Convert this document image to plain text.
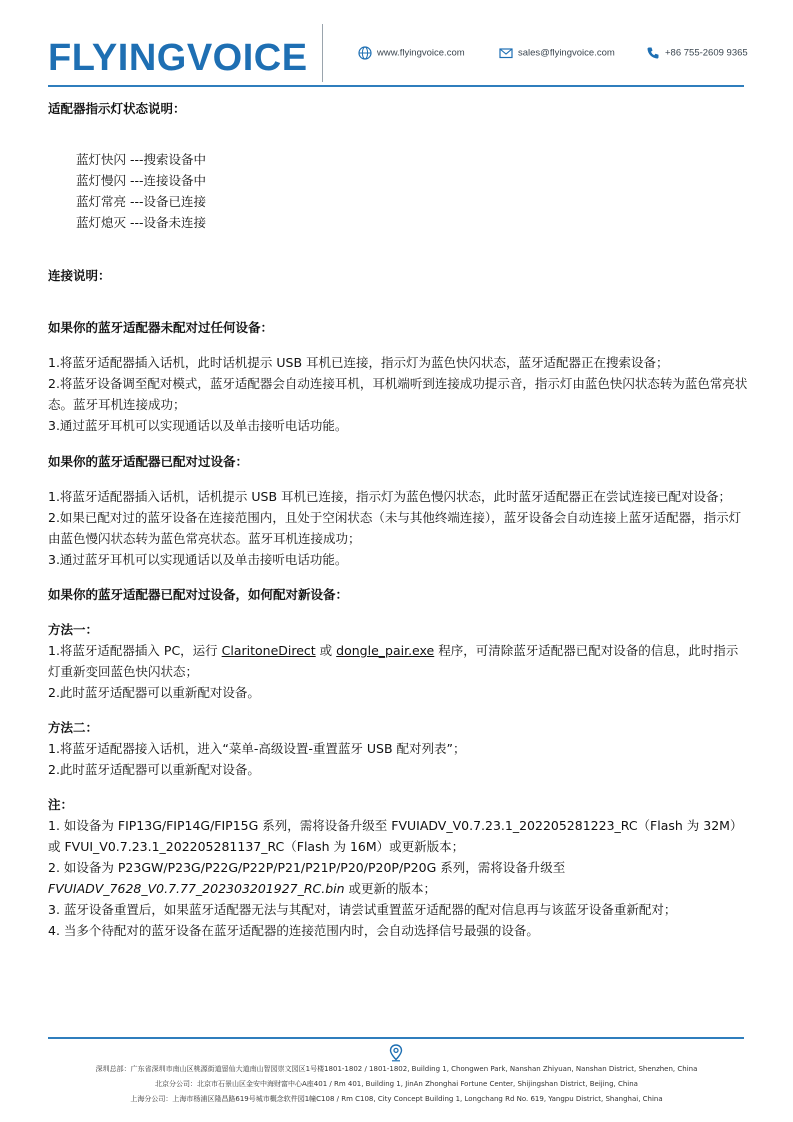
FLYINGVOICE	www.flyingvoice.com	sales@flyingvoice.com	+86 755-2609 9365

适配器指示灯状态说明：

蓝灯快闪 ---搜索设备中

蓝灯慢闪 ---连接设备中

蓝灯常亮 ---设备已连接

蓝灯熄灭 ---设备未连接

连接说明：

如果你的蓝牙适配器未配对过任何设备：

1.将蓝牙适配器插入话机，此时话机提示 USB 耳机已连接，指示灯为蓝色快闪状态，蓝牙适配器正在搜索设备；

2.将蓝牙设备调至配对模式，蓝牙适配器会自动连接耳机，耳机端听到连接成功提示音，指示灯由蓝色快闪状态转为蓝色常亮状态。蓝牙耳机连接成功；

3.通过蓝牙耳机可以实现通话以及单击接听电话功能。

如果你的蓝牙适配器已配对过设备：

1.将蓝牙适配器插入话机，话机提示 USB 耳机已连接，指示灯为蓝色慢闪状态，此时蓝牙适配器正在尝试连接已配对设备；

2.如果已配对过的蓝牙设备在连接范围内，且处于空闲状态（未与其他终端连接），蓝牙设备会自动连接上蓝牙适配器，指示灯由蓝色慢闪状态转为蓝色常亮状态。蓝牙耳机连接成功；

3.通过蓝牙耳机可以实现通话以及单击接听电话功能。

如果你的蓝牙适配器已配对过设备，如何配对新设备：

方法一：

1.将蓝牙适配器插入 PC，运行 ClaritoneDirect 或 dongle_pair.exe 程序，可清除蓝牙适配器已配对设备的信息，此时指示灯重新变回蓝色快闪状态；

2.此时蓝牙适配器可以重新配对设备。

方法二：

1.将蓝牙适配器接入话机，进入“菜单-高级设置-重置蓝牙 USB 配对列表”；

2.此时蓝牙适配器可以重新配对设备。

注：

1. 如设备为 FIP13G/FIP14G/FIP15G 系列，需将设备升级至 FVUIADV_V0.7.23.1_202205281223_RC（Flash 为 32M）或 FVUI_V0.7.23.1_202205281137_RC（Flash 为 16M）或更新版本；

2. 如设备为 P23GW/P23G/P22G/P22P/P21/P21P/P20/P20P/P20G 系列，需将设备升级至
FVUIADV_7628_V0.7.77_202303201927_RC.bin 或更新的版本；

3. 蓝牙设备重置后，如果蓝牙适配器无法与其配对，请尝试重置蓝牙适配器的配对信息再与该蓝牙设备重新配对；

4. 当多个待配对的蓝牙设备在蓝牙适配器的连接范围内时，会自动选择信号最强的设备。

深圳总部：广东省深圳市南山区桃源街道留仙大道南山智园崇文园区1号楼1801-1802 / 1801-1802, Building 1, Chongwen Park, Nanshan Zhiyuan, Nanshan District, Shenzhen, China
北京分公司：北京市石景山区金安中海财富中心A座401 / Rm 401, Building 1, JinAn Zhonghai Fortune Center, Shijingshan District, Beijing, China
上海分公司：上海市杨浦区隆昌路619号城市概念软件园1幢C108 / Rm C108, City Concept Building 1, Longchang Rd No. 619, Yangpu District, Shanghai, China
